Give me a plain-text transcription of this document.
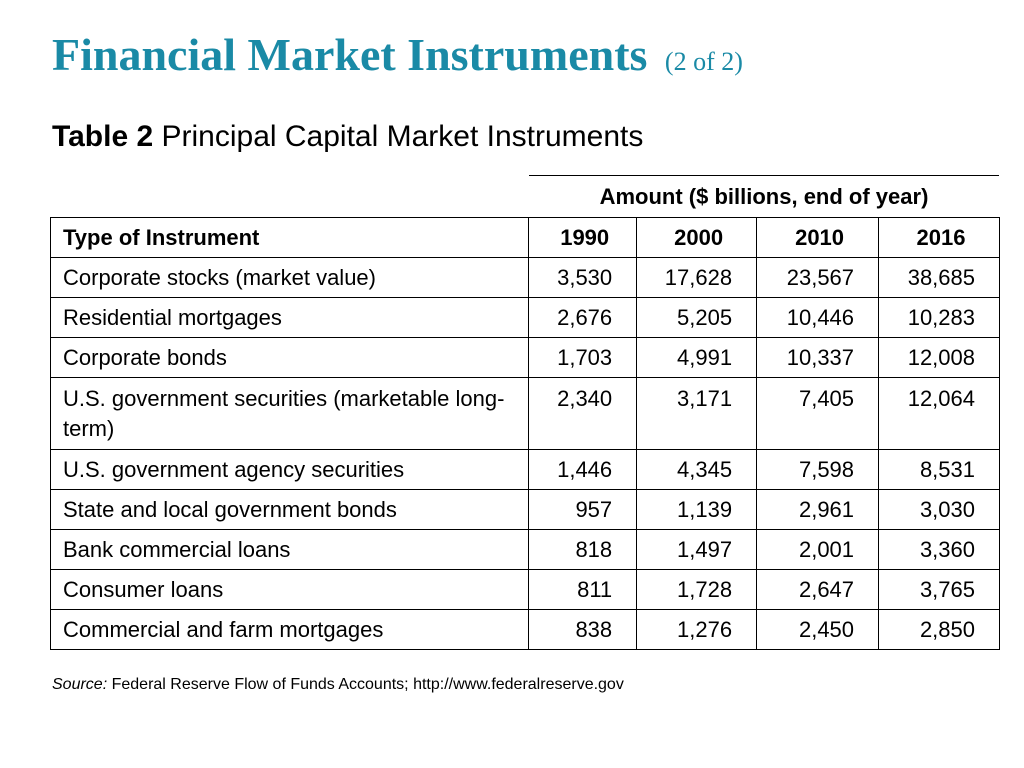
Financial Market Instruments (2 of 2)
Table 2 Principal Capital Market Instruments
Amount ($ billions, end of year)
Type of Instrument	1990	2000	2010	2016
Corporate stocks (market value)	3,530	17,628	23,567	38,685
Residential mortgages	2,676	5,205	10,446	10,283
Corporate bonds	1,703	4,991	10,337	12,008
U.S. government securities (marketable long-term)	2,340	3,171	7,405	12,064
U.S. government agency securities	1,446	4,345	7,598	8,531
State and local government bonds	957	1,139	2,961	3,030
Bank commercial loans	818	1,497	2,001	3,360
Consumer loans	811	1,728	2,647	3,765
Commercial and farm mortgages	838	1,276	2,450	2,850
Source: Federal Reserve Flow of Funds Accounts; http://www.federalreserve.gov
